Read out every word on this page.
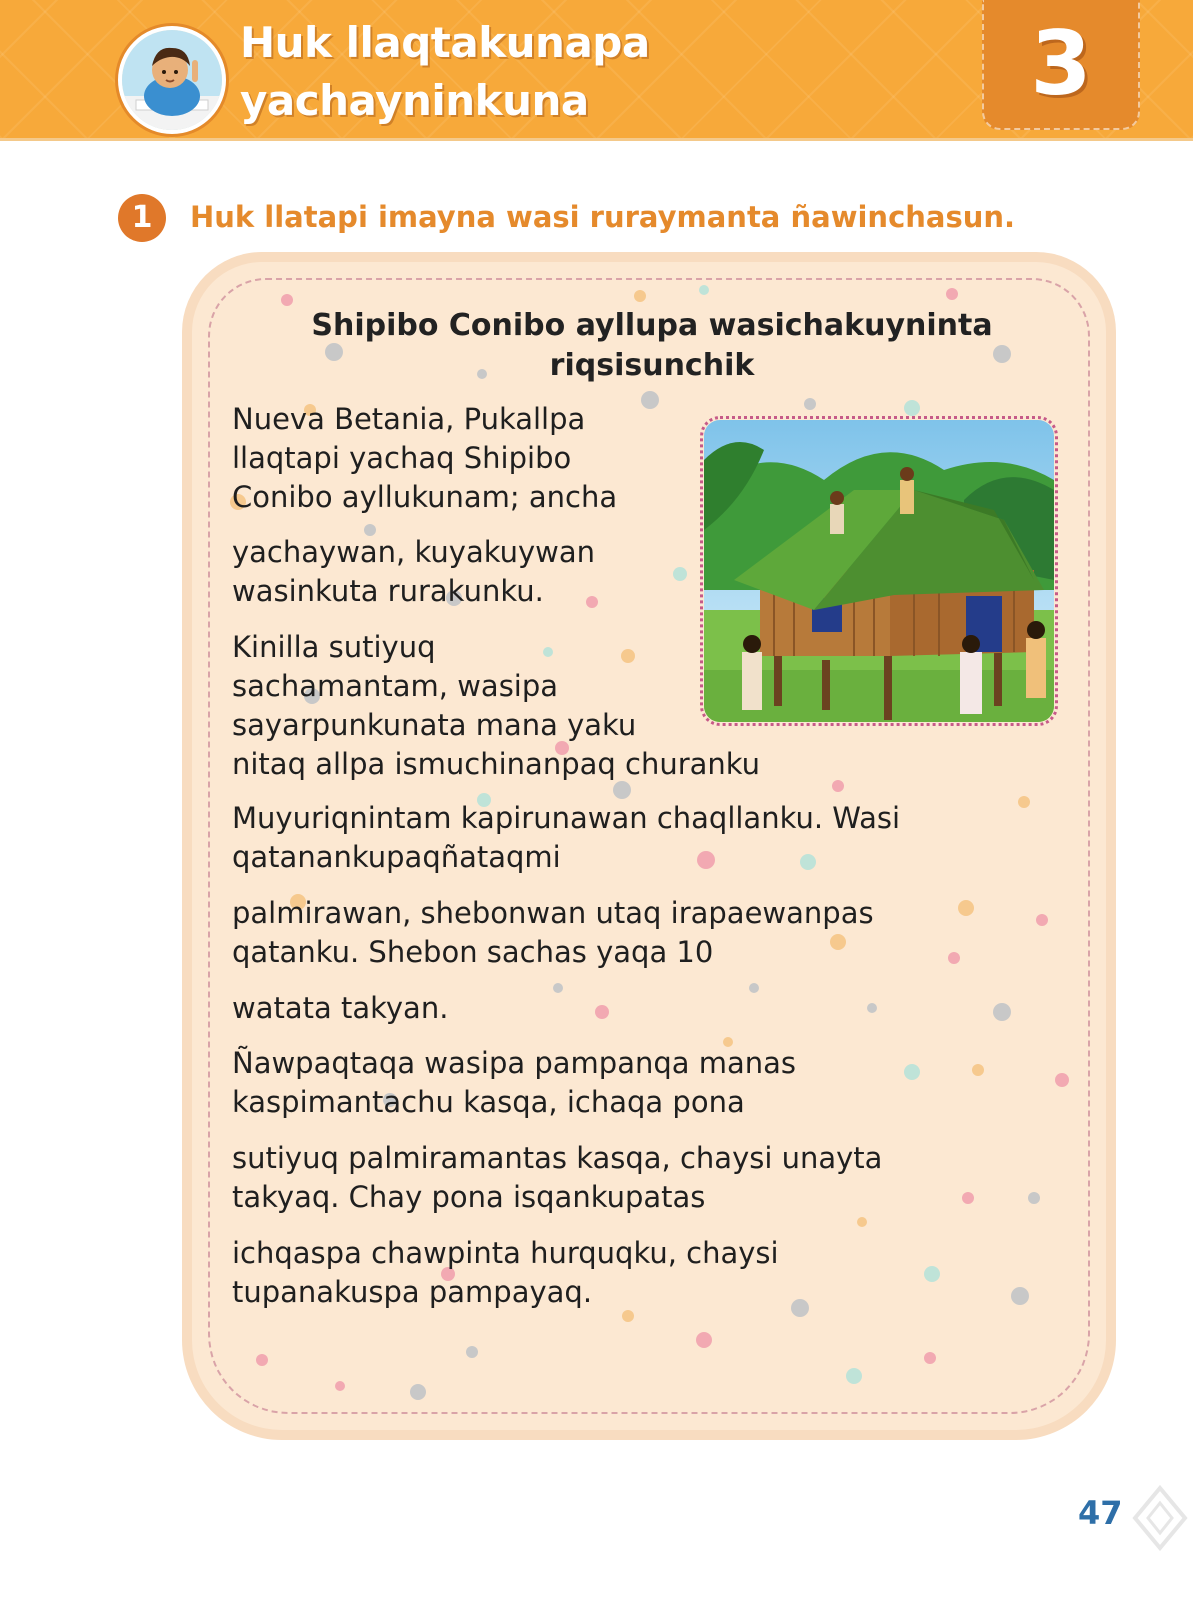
Huk llaqtakunapa
yachayninkuna	3
1	Huk llatapi imayna wasi ruraymanta ñawinchasun.
Shipibo Conibo ayllupa wasichakuyninta
riqsisunchik

Nueva Betania, Pukallpa
llaqtapi yachaq Shipibo
Conibo ayllukunam; ancha

yachaywan, kuyakuywan
wasinkuta rurakunku.

Kinilla sutiyuq
sachamantam, wasipa
sayarpunkunata mana yaku
nitaq allpa ismuchinanpaq churanku

Muyuriqnintam kapirunawan chaqllanku. Wasi
qatanankupaqñataqmi

palmirawan, shebonwan utaq irapaewanpas
qatanku. Shebon sachas yaqa 10

watata takyan.

Ñawpaqtaqa wasipa pampanqa manas
kaspimantachu kasqa, ichaqa pona

sutiyuq palmiramantas kasqa, chaysi unayta
takyaq. Chay pona isqankupatas

ichqaspa chawpinta hurquqku, chaysi
tupanakuspa pampayaq.

47
